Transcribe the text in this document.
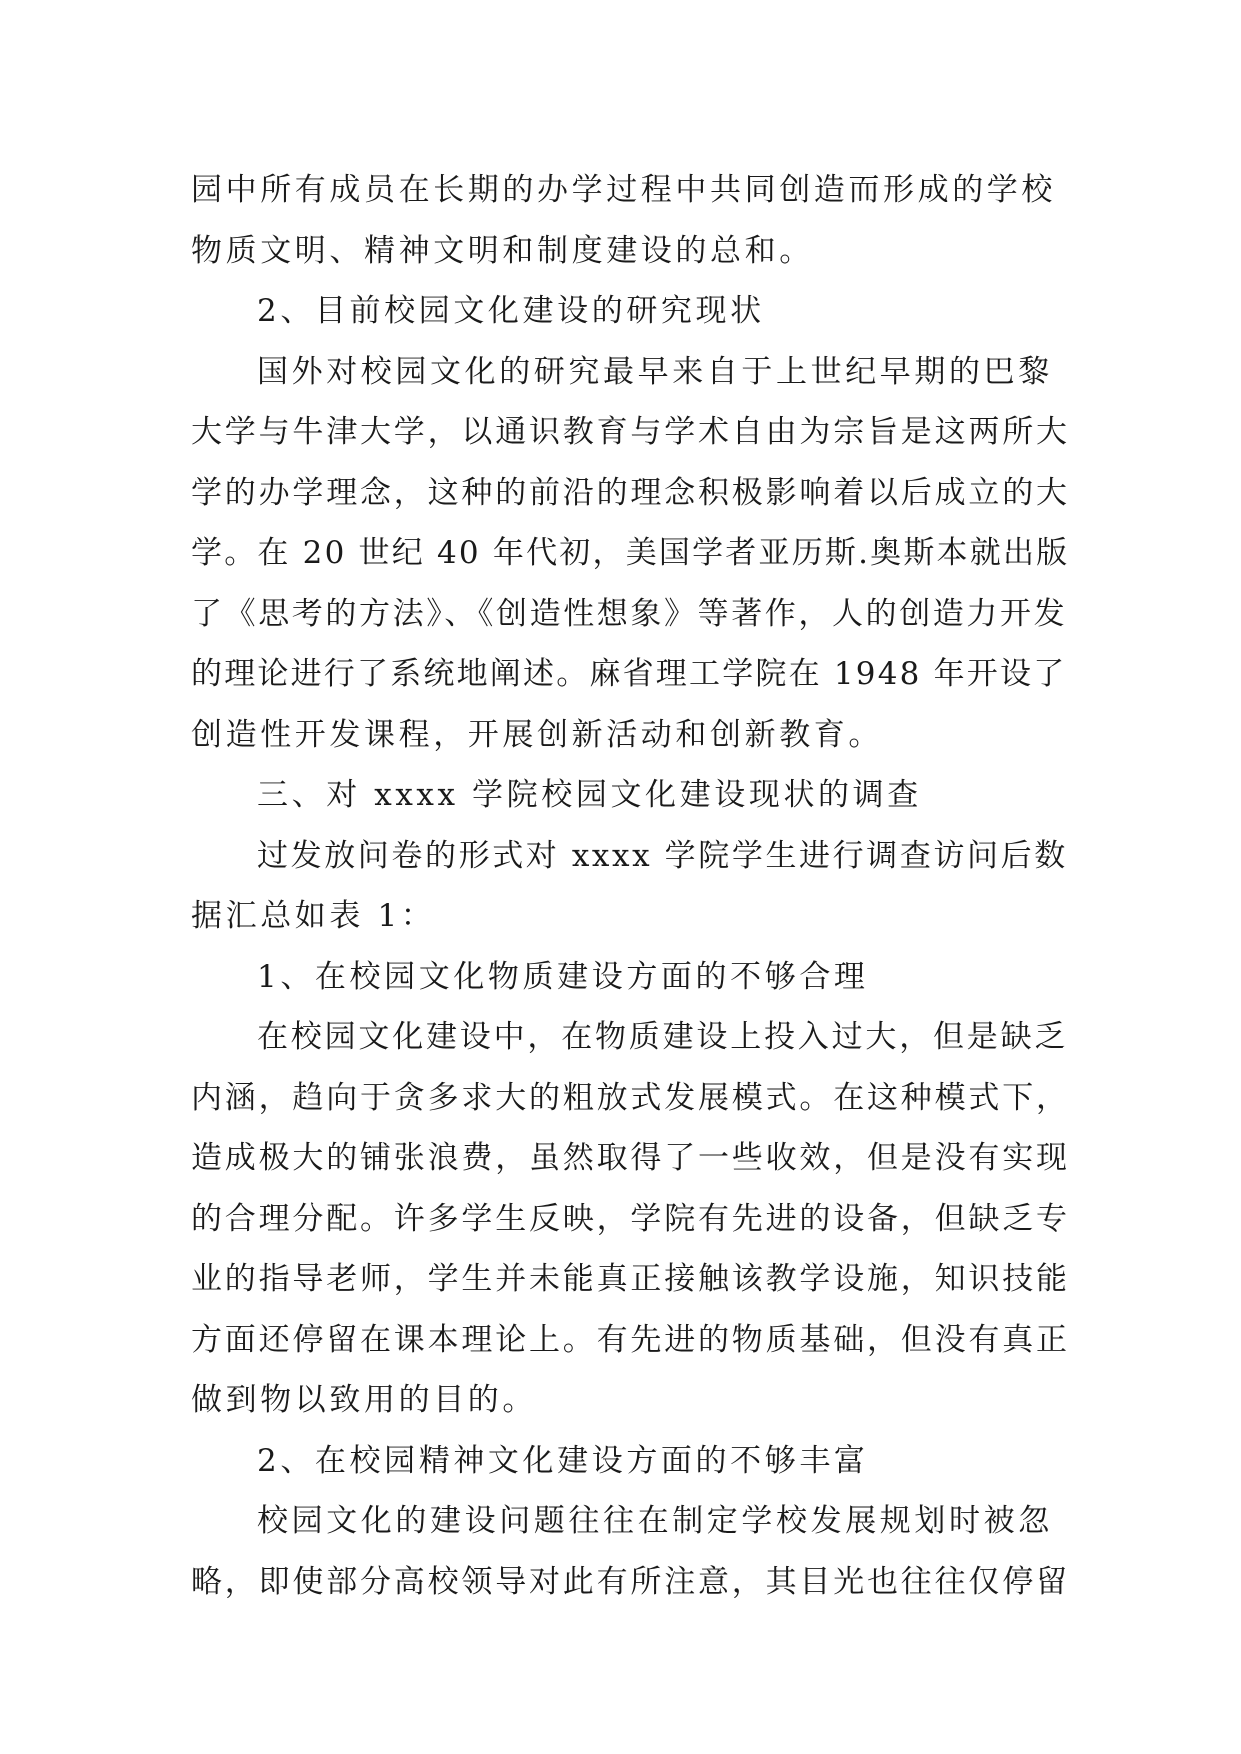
园中所有成员在长期的办学过程中共同创造而形成的学校
物质文明、精神文明和制度建设的总和。
2、目前校园文化建设的研究现状
国外对校园文化的研究最早来自于上世纪早期的巴黎
大学与牛津大学，以通识教育与学术自由为宗旨是这两所大
学的办学理念，这种的前沿的理念积极影响着以后成立的大
学。在 20 世纪 40 年代初，美国学者亚历斯.奥斯本就出版
了《思考的方法》、《创造性想象》等著作，人的创造力开发
的理论进行了系统地阐述。麻省理工学院在 1948 年开设了
创造性开发课程，开展创新活动和创新教育。
三、对 xxxx 学院校园文化建设现状的调查
过发放问卷的形式对 xxxx 学院学生进行调查访问后数
据汇总如表 1：
1、在校园文化物质建设方面的不够合理
在校园文化建设中，在物质建设上投入过大，但是缺乏
内涵，趋向于贪多求大的粗放式发展模式。在这种模式下，
造成极大的铺张浪费，虽然取得了一些收效，但是没有实现
的合理分配。许多学生反映，学院有先进的设备，但缺乏专
业的指导老师，学生并未能真正接触该教学设施，知识技能
方面还停留在课本理论上。有先进的物质基础，但没有真正
做到物以致用的目的。
2、在校园精神文化建设方面的不够丰富
校园文化的建设问题往往在制定学校发展规划时被忽
略，即使部分高校领导对此有所注意，其目光也往往仅停留
